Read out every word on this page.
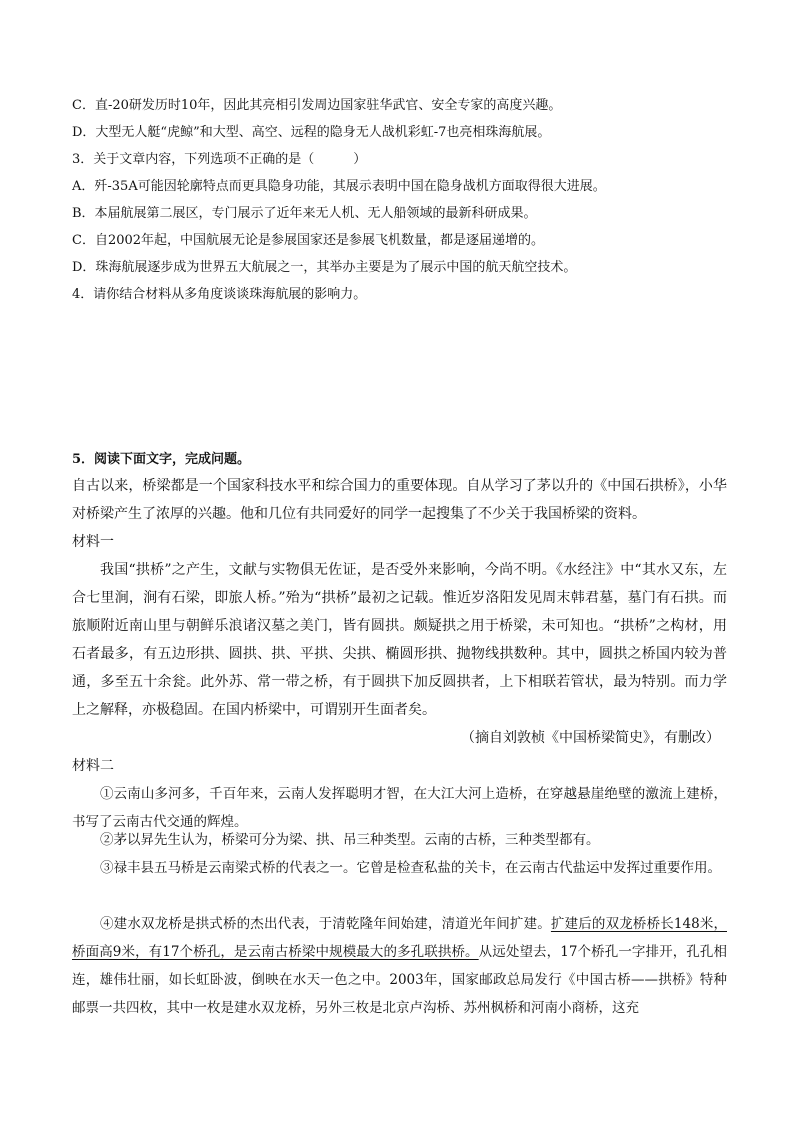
C．直-20研发历时10年，因此其亮相引发周边国家驻华武官、安全专家的高度兴趣。
D．大型无人艇“虎鲸”和大型、高空、远程的隐身无人战机彩虹-7也亮相珠海航展。
3．关于文章内容，下列选项不正确的是（　　　）
A．歼-35A可能因轮廓特点而更具隐身功能，其展示表明中国在隐身战机方面取得很大进展。
B．本届航展第二展区，专门展示了近年来无人机、无人船领域的最新科研成果。
C．自2002年起，中国航展无论是参展国家还是参展飞机数量，都是逐届递增的。
D．珠海航展逐步成为世界五大航展之一，其举办主要是为了展示中国的航天航空技术。
4．请你结合材料从多角度谈谈珠海航展的影响力。
5．阅读下面文字，完成问题。
自古以来，桥梁都是一个国家科技水平和综合国力的重要体现。自从学习了茅以升的《中国石拱桥》，小华对桥梁产生了浓厚的兴趣。他和几位有共同爱好的同学一起搜集了不少关于我国桥梁的资料。
材料一
我国“拱桥”之产生，文献与实物俱无佐证，是否受外来影响，今尚不明。《水经注》中“其水又东，左合七里涧，涧有石梁，即旅人桥。”殆为“拱桥”最初之记载。惟近岁洛阳发见周末韩君墓，墓门有石拱。而旅顺附近南山里与朝鲜乐浪诸汉墓之美门，皆有圆拱。颇疑拱之用于桥梁，未可知也。“拱桥”之构材，用石者最多，有五边形拱、圆拱、拱、平拱、尖拱、椭圆形拱、抛物线拱数种。其中，圆拱之桥国内较为普通，多至五十余瓮。此外苏、常一带之桥，有于圆拱下加反圆拱者，上下相联若管状，最为特别。而力学上之解释，亦极稳固。在国内桥梁中，可谓别开生面者矣。
（摘自刘敦桢《中国桥梁简史》，有删改）
材料二
①云南山多河多，千百年来，云南人发挥聪明才智，在大江大河上造桥，在穿越悬崖绝壁的激流上建桥，书写了云南古代交通的辉煌。
②茅以昇先生认为，桥梁可分为梁、拱、吊三种类型。云南的古桥，三种类型都有。
③禄丰县五马桥是云南梁式桥的代表之一。它曾是检查私盐的关卡，在云南古代盐运中发挥过重要作用。
④建水双龙桥是拱式桥的杰出代表，于清乾隆年间始建，清道光年间扩建。扩建后的双龙桥桥长148米，桥面高9米，有17个桥孔，是云南古桥梁中规模最大的多孔联拱桥。从远处望去，17个桥孔一字排开，孔孔相连，雄伟壮丽，如长虹卧波，倒映在水天一色之中。2003年，国家邮政总局发行《中国古桥——拱桥》特种邮票一共四枚，其中一枚是建水双龙桥，另外三枚是北京卢沟桥、苏州枫桥和河南小商桥，这充
